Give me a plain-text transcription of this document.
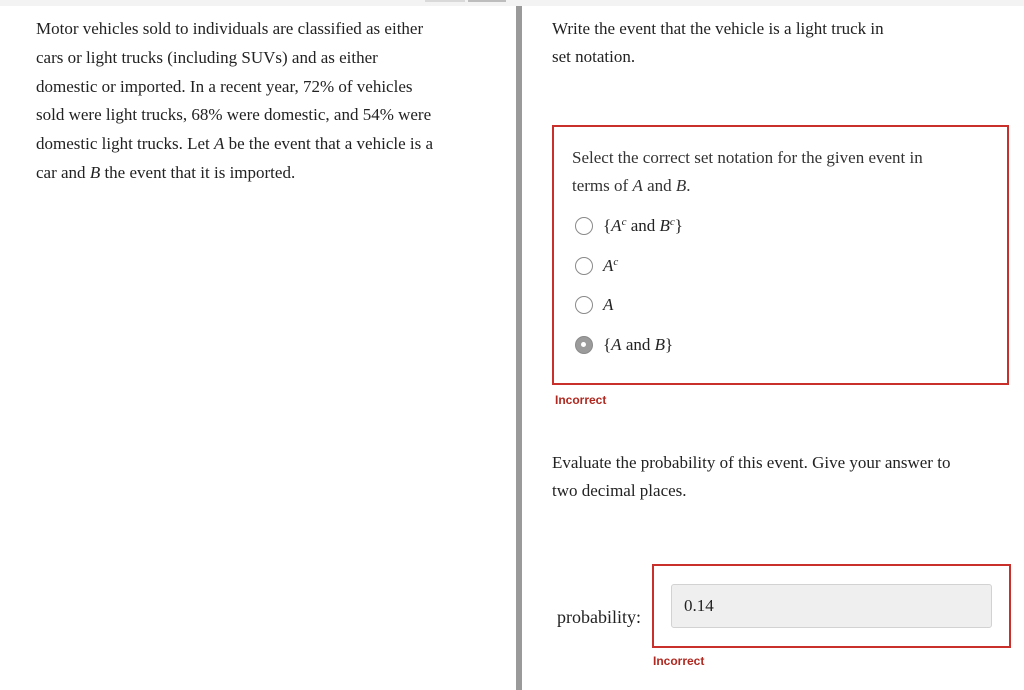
Motor vehicles sold to individuals are classified as either
cars or light trucks (including SUVs) and as either
domestic or imported. In a recent year, 72% of vehicles
sold were light trucks, 68% were domestic, and 54% were
domestic light trucks. Let A be the event that a vehicle is a
car and B the event that it is imported.

Write the event that the vehicle is a light truck in
set notation.

Select the correct set notation for the given event in
terms of A and B.

{$A^c$ and $B^c$}
$A^c$
A
{A and B}
Incorrect

Evaluate the probability of this event. Give your answer to
two decimal places.

probability:
0.14
Incorrect
